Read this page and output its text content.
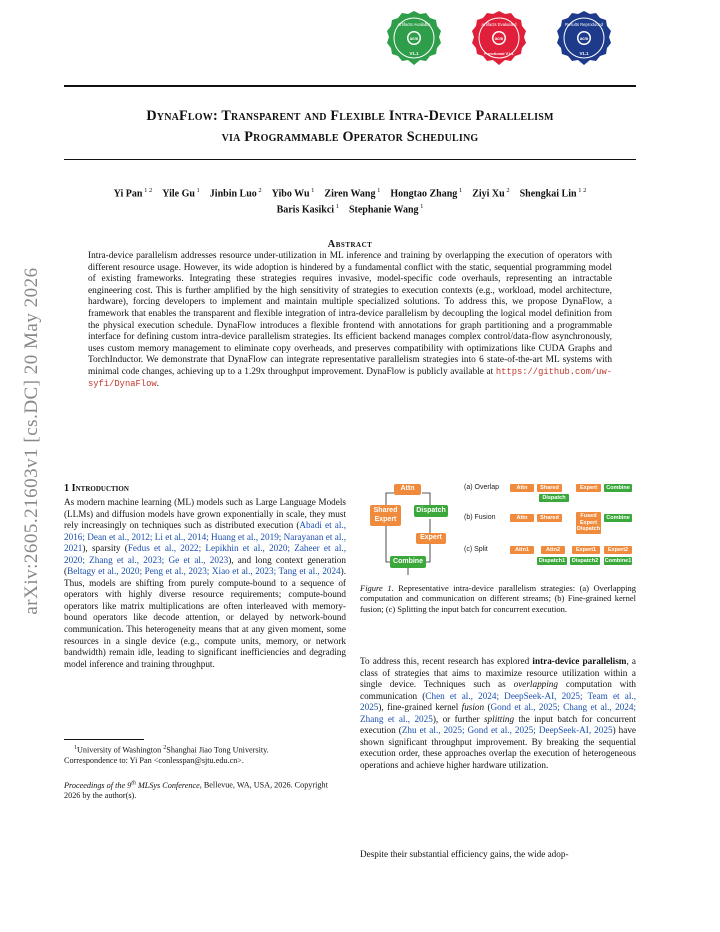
acm
Artifacts Available
V1.1
acm
Artifacts Evaluated
Functional V1.1
acm
Results Reproduced
V1.1
arXiv:2605.21603v1 [cs.DC] 20 May 2026
DynaFlow: Transparent and Flexible Intra-Device Parallelism
via Programmable Operator Scheduling
Yi Pan $^{1 2}$  Yile Gu $^1$  Jinbin Luo $^2$  Yibo Wu $^1$  Ziren Wang $^1$  Hongtao Zhang $^1$  Ziyi Xu $^2$  Shengkai Lin $^{1 2}$
Baris Kasikci $^1$  Stephanie Wang $^1$
Abstract
Intra-device parallelism addresses resource under-utilization in ML inference and training by overlapping the execution of operators with different resource usage. However, its wide adoption is hindered by a fundamental conflict with the static, sequential programming model of existing frameworks. Integrating these strategies requires invasive, model-specific code overhauls, representing an intractable engineering cost. This is further amplified by the high sensitivity of strategies to execution contexts (e.g., workload, model architecture, hardware), forcing developers to implement and maintain multiple specialized solutions. To address this, we propose DynaFlow, a framework that enables the transparent and flexible integration of intra-device parallelism by decoupling the logical model definition from the physical execution schedule. DynaFlow introduces a flexible frontend with annotations for graph partitioning and a programmable interface for defining custom intra-device parallelism strategies. Its efficient backend manages complex control/data-flow asynchronously, uses custom memory management to eliminate copy overheads, and preserves compatibility with optimizations like CUDA Graphs and TorchInductor. We demonstrate that DynaFlow can integrate representative parallelism strategies into 6 state-of-the-art ML systems with minimal code changes, achieving up to a 1.29x throughput improvement. DynaFlow is publicly available at https://github.com/uw-syfi/DynaFlow.
1 Introduction
As modern machine learning (ML) models such as Large Language Models (LLMs) and diffusion models have grown exponentially in scale, they must rely increasingly on techniques such as distributed execution (Abadi et al., 2016; Dean et al., 2012; Li et al., 2014; Huang et al., 2019; Narayanan et al., 2021), sparsity (Fedus et al., 2022; Lepikhin et al., 2020; Zaheer et al., 2020; Zhang et al., 2023; Ge et al., 2023), and long context generation (Beltagy et al., 2020; Peng et al., 2023; Xiao et al., 2023; Tang et al., 2024). Thus, models are shifting from purely compute-bound to a sequence of operators with highly diverse resource requirements; compute-bound operators like matrix multiplications are often interleaved with memory-bound operators like decode attention, or delayed by network-bound communication. This heterogeneity means that at any given moment, some resources in a single device (e.g., compute units, memory, or network bandwidth) remain idle, leading to significant inefficiencies and degrading model inference and training throughput.
$^1$University of Washington $^2$Shanghai Jiao Tong University.
Correspondence to: Yi Pan <conlesspan@sjtu.edu.cn>.
Proceedings of the 9th MLSys Conference, Bellevue, WA, USA, 2026. Copyright 2026 by the author(s).
Attn
Shared Expert
Dispatch
Expert
Combine
(a) Overlap
(b) Fusion
(c) Split
Attn	Shared	Expert	Combine
Dispatch
Attn	Shared	Fused Expert Dispatch
Combine
Attn1	Attn2	Expert1	Expert2
Dispatch1	Dispatch2	Combine1
Figure 1. Representative intra-device parallelism strategies: (a) Overlapping computation and communication on different streams; (b) Fine-grained kernel fusion; (c) Splitting the input batch for concurrent execution.
To address this, recent research has explored intra-device parallelism, a class of strategies that aims to maximize resource utilization within a single device. Techniques such as overlapping computation with communication (Chen et al., 2024; DeepSeek-AI, 2025; Team et al., 2025), fine-grained kernel fusion (Gond et al., 2025; Chang et al., 2024; Zhang et al., 2025), or further splitting the input batch for concurrent execution (Zhu et al., 2025; Gond et al., 2025; DeepSeek-AI, 2025) have shown significant throughput improvement. By breaking the sequential execution order, these approaches overlap the execution of heterogeneous operations and achieve higher hardware utilization.
Despite their substantial efficiency gains, the wide adop-
